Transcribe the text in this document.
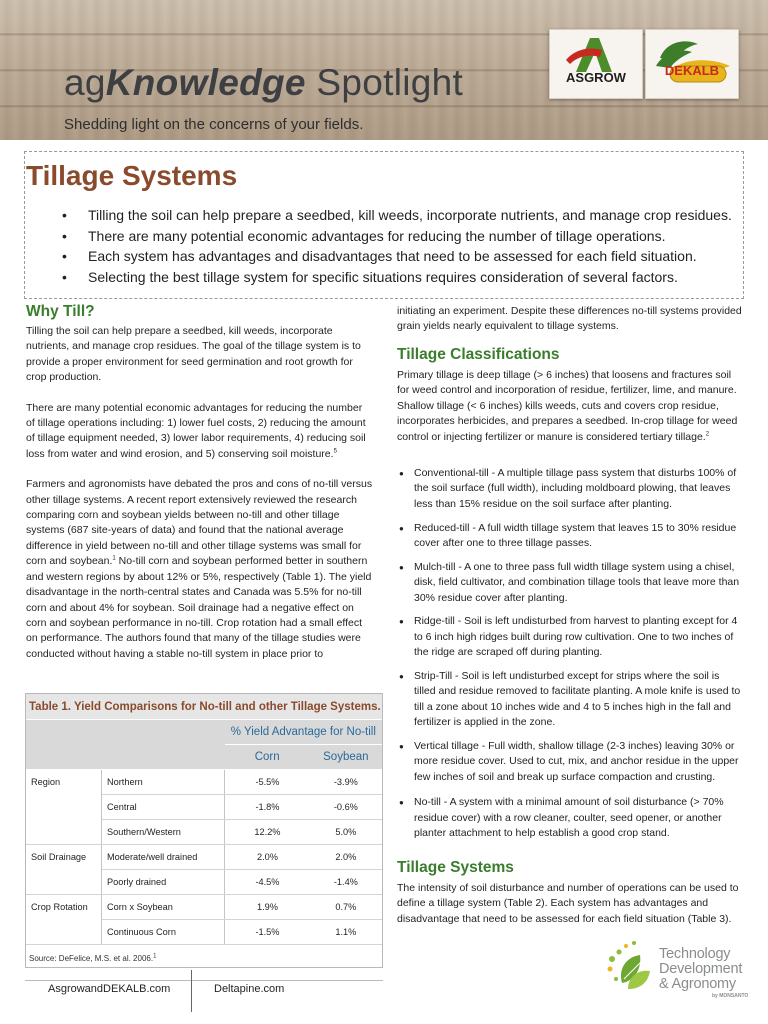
agKnowledge Spotlight
Shedding light on the concerns of your fields.
ASGROW	DEKALB
Tillage Systems
• Tilling the soil can help prepare a seedbed, kill weeds, incorporate nutrients, and manage crop residues.
• There are many potential economic advantages for reducing the number of tillage operations.
• Each system has advantages and disadvantages that need to be assessed for each field situation.
• Selecting the best tillage system for specific situations requires consideration of several factors.
Why Till?

Tilling the soil can help prepare a seedbed, kill weeds, incorporate nutrients, and manage crop residues. The goal of the tillage system is to provide a proper environment for seed germination and root growth for crop production.

There are many potential economic advantages for reducing the number of tillage operations including: 1) lower fuel costs, 2) reducing the amount of tillage equipment needed, 3) lower labor requirements, 4) reducing soil loss from water and wind erosion, and 5) conserving soil moisture.$^5$

Farmers and agronomists have debated the pros and cons of no-till versus other tillage systems. A recent report extensively reviewed the research comparing corn and soybean yields between no-till and other tillage systems (687 site-years of data) and found that the national average difference in yield between no-till and other tillage systems was small for corn and soybean.$^1$ No-till corn and soybean performed better in southern and western regions by about 12% or 5%, respectively (Table 1). The yield disadvantage in the north-central states and Canada was 5.5% for no-till corn and about 4% for soybean. Soil drainage had a negative effect on corn and soybean performance in no-till. Crop rotation had a small effect on performance. The authors found that many of the tillage studies were conducted without having a stable no-till system in place prior to

Table 1. Yield Comparisons for No-till and other Tillage Systems.
		% Yield Advantage for No-till	
		Corn	Soybean
Region	Northern	-5.5%	-3.9%
	Central	-1.8%	-0.6%
	Southern/Western	12.2%	5.0%
Soil Drainage	Moderate/well drained	2.0%	2.0%
	Poorly drained	-4.5%	-1.4%
Crop Rotation	Corn x Soybean	1.9%	0.7%
	Continuous Corn	-1.5%	1.1%
Source: DeFelice, M.S. et al. 2006.$^1$
initiating an experiment. Despite these differences no-till systems provided grain yields nearly equivalent to tillage systems.
Tillage Classifications
Primary tillage is deep tillage (> 6 inches) that loosens and fractures soil for weed control and incorporation of residue, fertilizer, lime, and manure. Shallow tillage (< 6 inches) kills weeds, cuts and covers crop residue, incorporates herbicides, and prepares a seedbed. In-crop tillage for weed control or injecting fertilizer or manure is considered tertiary tillage.$^2$
● Conventional-till - A multiple tillage pass system that disturbs 100% of the soil surface (full width), including moldboard plowing, that leaves less than 15% residue on the soil surface after planting.
● Reduced-till - A full width tillage system that leaves 15 to 30% residue cover after one to three tillage passes.
● Mulch-till - A one to three pass full width tillage system using a chisel, disk, field cultivator, and combination tillage tools that leave more than 30% residue cover after planting.
● Ridge-till - Soil is left undisturbed from harvest to planting except for 4 to 6 inch high ridges built during row cultivation. One to two inches of the ridge are scraped off during planting.
● Strip-Till - Soil is left undisturbed except for strips where the soil is tilled and residue removed to facilitate planting. A mole knife is used to till a zone about 10 inches wide and 4 to 5 inches high in the fall and fertilizer is applied in the zone.
● Vertical tillage - Full width, shallow tillage (2-3 inches) leaving 30% or more residue cover. Used to cut, mix, and anchor residue in the upper few inches of soil and break up surface compaction and crusting.
● No-till - A system with a minimal amount of soil disturbance (> 70% residue cover) with a row cleaner, coulter, seed opener, or another planter attachment to help establish a good crop stand.
Tillage Systems
The intensity of soil disturbance and number of operations can be used to define a tillage system (Table 2). Each system has advantages and disadvantage that need to be assessed for each field situation (Table 3).
AsgrowandDEKALB.com	Deltapine.com
Technology
Development
& Agronomy
by MONSANTO
